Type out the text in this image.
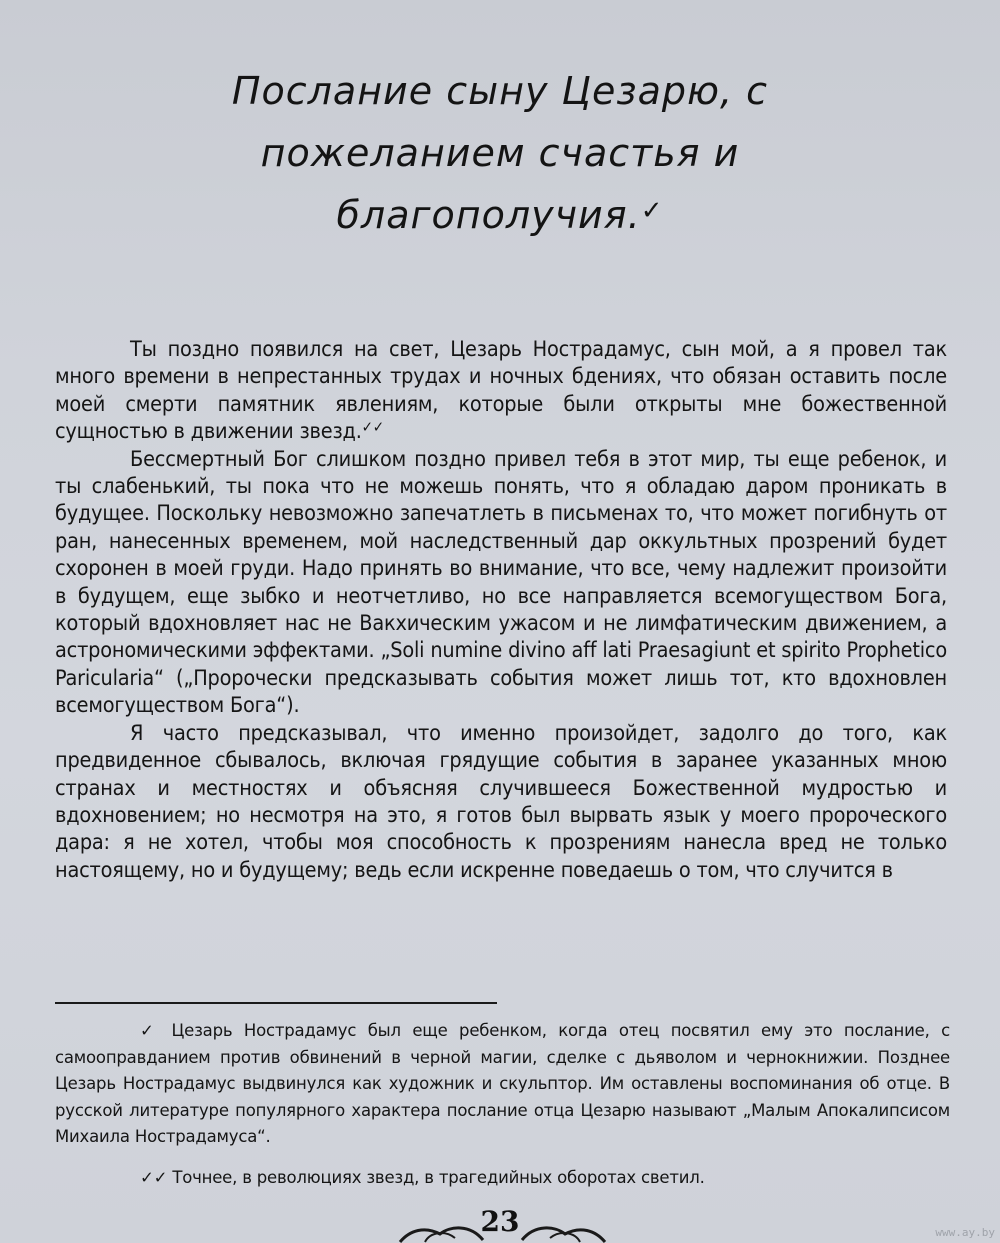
Послание сыну Цезарю, с
пожеланием счастья и
благополучия.✓

Ты поздно появился на свет, Цезарь Нострадамус, сын мой, а я провел так много времени в непрестанных трудах и ночных бдениях, что обязан оставить после моей смерти памятник явлениям, которые были открыты мне божественной сущностью в движении звезд.✓✓

Бессмертный Бог слишком поздно привел тебя в этот мир, ты еще ребенок, и ты слабенький, ты пока что не можешь понять, что я обладаю даром проникать в будущее. Поскольку невозможно запечатлеть в письменах то, что может погибнуть от ран, нанесенных временем, мой наследственный дар оккультных прозрений будет схоронен в моей груди. Надо принять во внимание, что все, чему надлежит произойти в будущем, еще зыбко и неотчетливо, но все направляется всемогуществом Бога, который вдохновляет нас не Вакхическим ужасом и не лимфатическим движением, а астрономическими эффектами. „Soli numine divino aff lati Praesagiunt et spirito Prophetico Paricularia“ („Пророчески предсказывать события может лишь тот, кто вдохновлен всемогуществом Бога“).

Я часто предсказывал, что именно произойдет, задолго до того, как предвиденное сбывалось, включая грядущие события в заранее указанных мною странах и местностях и объясняя случившееся Божественной мудростью и вдохновением; но несмотря на это, я готов был вырвать язык у моего пророческого дара: я не хотел, чтобы моя способность к прозрениям нанесла вред не только настоящему, но и будущему; ведь если искренне поведаешь о том, что случится в

✓ Цезарь Нострадамус был еще ребенком, когда отец посвятил ему это послание, с самооправданием против обвинений в черной магии, сделке с дьяволом и чернокнижии. Позднее Цезарь Нострадамус выдвинулся как художник и скульптор. Им оставлены воспоминания об отце. В русской литературе популярного характера послание отца Цезарю называют „Малым Апокалипсисом Михаила Нострадамуса“.

✓✓ Точнее, в революциях звезд, в трагедийных оборотах светил.

23	www.ay.by
